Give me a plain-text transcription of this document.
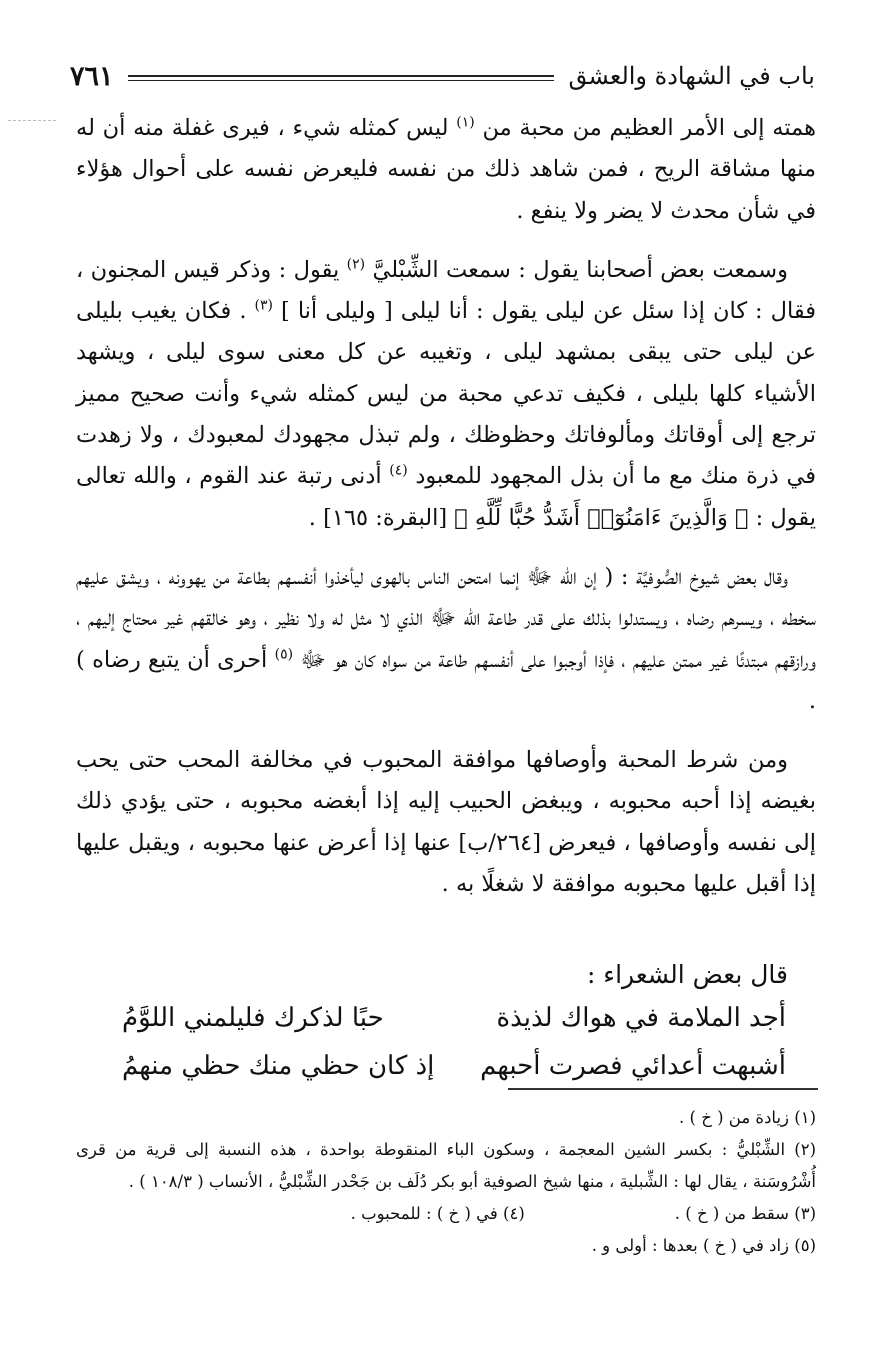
باب في الشهادة والعشق
٧٦١

همته إلى الأمر العظيم من محبة من $^{(١)}$ ليس كمثله شيء ، فيرى غفلة منه أن له منها مشاقة الريح ، فمن شاهد ذلك من نفسه فليعرض نفسه على أحوال هؤلاء في شأن محدث لا يضر ولا ينفع .

وسمعت بعض أصحابنا يقول : سمعت الشِّبْليَّ $^{(٢)}$ يقول : وذكر قيس المجنون ، فقال : كان إذا سئل عن ليلى يقول : أنا ليلى [ وليلى أنا ] $^{(٣)}$ . فكان يغيب بليلى عن ليلى حتى يبقى بمشهد ليلى ، وتغيبه عن كل معنى سوى ليلى ، ويشهد الأشياء كلها بليلى ، فكيف تدعي محبة من ليس كمثله شيء وأنت صحيح مميز ترجع إلى أوقاتك ومألوفاتك وحظوظك ، ولم تبذل مجهودك لمعبودك ، ولا زهدت في ذرة منك مع ما أن بذل المجهود للمعبود $^{(٤)}$ أدنى رتبة عند القوم ، والله تعالى يقول : ﴿ وَالَّذِينَ ءَامَنُوٓا۟ أَشَدُّ حُبًّا لِّلَّهِ ﴾ [البقرة: ١٦٥] .

وقال بعض شيوخ الصُّوفيَّة : ( إن الله ﷻ إنما امتحن الناس بالهوى ليأخذوا أنفسهم بطاعة من يهوونه ، ويشق عليهم سخطه ، ويسرهم رضاه ، ويستدلوا بذلك على قدر طاعة الله ﷻ الذي لا مثل له ولا نظير ، وهو خالقهم غير محتاج إليهم ، ورازقهم مبتدئًا غير ممتن عليهم ، فإذا أوجبوا على أنفسهم طاعة من سواه كان هو ﷻ $^{(٥)}$ أحرى أن يتبع رضاه ) .

ومن شرط المحبة وأوصافها موافقة المحبوب في مخالفة المحب حتى يحب بغيضه إذا أحبه محبوبه ، ويبغض الحبيب إليه إذا أبغضه محبوبه ، حتى يؤدي ذلك إلى نفسه وأوصافها ، فيعرض [٢٦٤/ب] عنها إذا أعرض عنها محبوبه ، ويقبل عليها إذا أقبل عليها محبوبه موافقة لا شغلًا به .

قال بعض الشعراء :
أجد الملامة في هواك لذيذة
حبًا لذكرك فليلمني اللوَّمُ
أشبهت أعدائي فصرت أحبهم
إذ كان حظي منك حظي منهمُ

(١) زيادة من ( خ ) .

(٢) الشِّبْليُّ : بكسر الشين المعجمة ، وسكون الباء المنقوطة بواحدة ، هذه النسبة إلى قرية من قرى أُشْرُوسَنة ، يقال لها : الشِّبلية ، منها شيخ الصوفية أبو بكر دُلَف بن جَحْدر الشِّبْليُّ ، الأنساب ( ١٠٨/٣ ) .

(٣) سقط من ( خ ) .
(٤) في ( خ ) : للمحبوب .

(٥) زاد في ( خ ) بعدها : أولى و .
